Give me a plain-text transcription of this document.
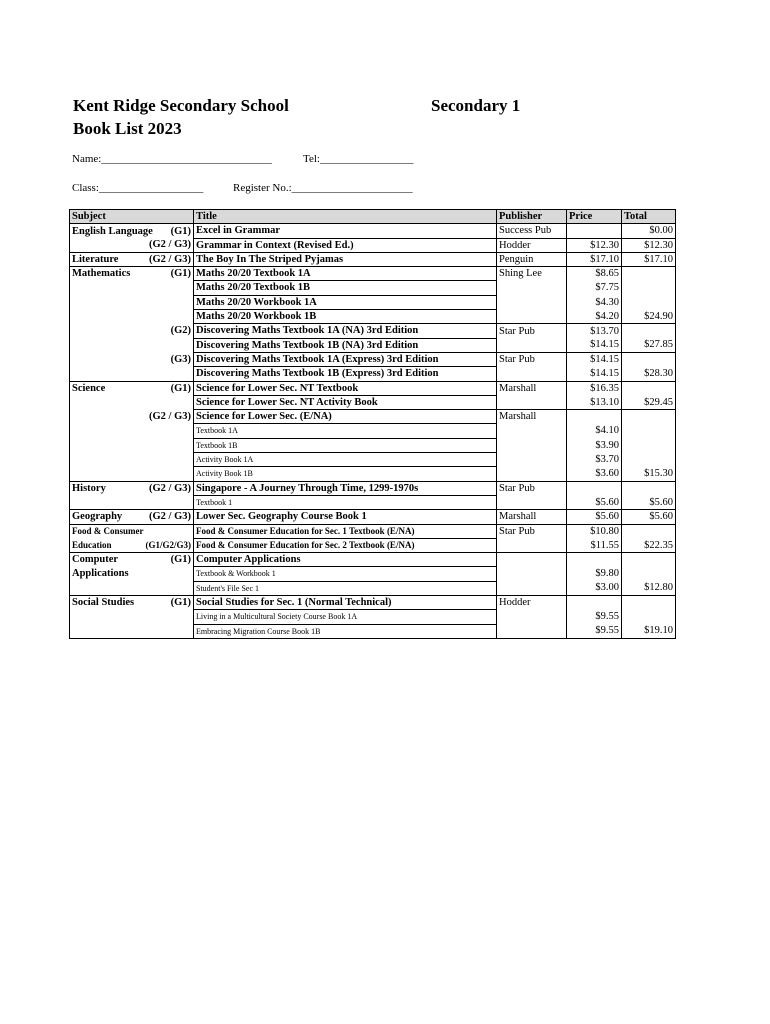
Kent Ridge Secondary School	Secondary 1
Book List 2023
Name:_______________________________	Tel:_________________
Class:___________________	Register No.:______________________
Subject	Title	Publisher	Price	Total

English Language (G1)	Excel in Grammar	Success Pub		$0.00

(G2 / G3)	Grammar in Context (Revised Ed.)	Hodder	$12.30	$12.30

Literature (G2 / G3)	The Boy In The Striped Pyjamas	Penguin	$17.10	$17.10

Mathematics (G1)	Maths 20/20 Textbook 1A	Shing Lee	$8.65	

	Maths 20/20 Textbook 1B		$7.75	

	Maths 20/20 Workbook 1A		$4.30	

	Maths 20/20 Workbook 1B		$4.20	$24.90

(G2)	Discovering Maths Textbook 1A (NA) 3rd Edition	Star Pub	$13.70	

	Discovering Maths Textbook 1B (NA) 3rd Edition		$14.15	$27.85

(G3)	Discovering Maths Textbook 1A (Express) 3rd Edition	Star Pub	$14.15	

	Discovering Maths Textbook 1B (Express) 3rd Edition		$14.15	$28.30

Science (G1)	Science for Lower Sec. NT Textbook	Marshall	$16.35	

	Science for Lower Sec. NT Activity Book		$13.10	$29.45

(G2 / G3)	Science for Lower Sec. (E/NA)	Marshall		

	Textbook 1A		$4.10	

	Textbook 1B		$3.90	

	Activity Book 1A		$3.70	

	Activity Book 1B		$3.60	$15.30

History (G2 / G3)	Singapore - A Journey Through Time, 1299-1970s	Star Pub		

	Textbook 1		$5.60	$5.60

Geography (G2 / G3)	Lower Sec. Geography Course Book 1	Marshall	$5.60	$5.60

Food & Consumer	Food & Consumer Education for Sec. 1 Textbook (E/NA)	Star Pub	$10.80	

Education (G1/G2/G3)	Food & Consumer Education for Sec. 2 Textbook (E/NA)		$11.55	$22.35

Computer (G1)	Computer Applications			

Applications	Textbook & Workbook 1		$9.80	

	Student's File Sec 1		$3.00	$12.80

Social Studies (G1)	Social Studies for Sec. 1 (Normal Technical)	Hodder		

	Living in a Multicultural Society Course Book 1A		$9.55	

	Embracing Migration Course Book 1B		$9.55	$19.10
